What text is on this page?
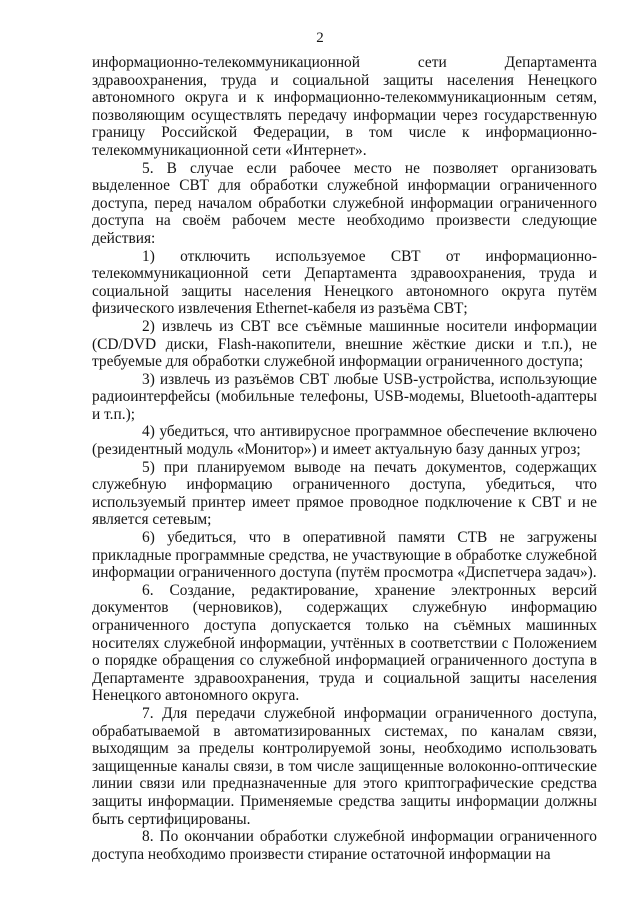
2

информационно-телекоммуникационной сети Департамента здравоохранения, труда и социальной защиты населения Ненецкого автономного округа и к информационно-телекоммуникационным сетям, позволяющим осуществлять передачу информации через государственную границу Российской Федерации, в том числе к информационно-телекоммуникационной сети «Интернет».

5. В случае если рабочее место не позволяет организовать выделенное СВТ для обработки служебной информации ограниченного доступа, перед началом обработки служебной информации ограниченного доступа на своём рабочем месте необходимо произвести следующие действия:

1) отключить используемое СВТ от информационно-телекоммуникационной сети Департамента здравоохранения, труда и социальной защиты населения Ненецкого автономного округа путём физического извлечения Ethernet-кабеля из разъёма СВТ;

2) извлечь из СВТ все съёмные машинные носители информации (CD/DVD диски, Flash-накопители, внешние жёсткие диски и т.п.), не требуемые для обработки служебной информации ограниченного доступа;

3) извлечь из разъёмов СВТ любые USB-устройства, использующие радиоинтерфейсы (мобильные телефоны, USB-модемы, Bluetooth-адаптеры и т.п.);

4) убедиться, что антивирусное программное обеспечение включено (резидентный модуль «Монитор») и имеет актуальную базу данных угроз;

5) при планируемом выводе на печать документов, содержащих служебную информацию ограниченного доступа, убедиться, что используемый принтер имеет прямое проводное подключение к СВТ и не является сетевым;

6) убедиться, что в оперативной памяти СТВ не загружены прикладные программные средства, не участвующие в обработке служебной информации ограниченного доступа (путём просмотра «Диспетчера задач»).

6. Создание, редактирование, хранение электронных версий документов (черновиков), содержащих служебную информацию ограниченного доступа допускается только на съёмных машинных носителях служебной информации, учтённых в соответствии с Положением о порядке обращения со служебной информацией ограниченного доступа в Департаменте здравоохранения, труда и социальной защиты населения Ненецкого автономного округа.

7. Для передачи служебной информации ограниченного доступа, обрабатываемой в автоматизированных системах, по каналам связи, выходящим за пределы контролируемой зоны, необходимо использовать защищенные каналы связи, в том числе защищенные волоконно-оптические линии связи или предназначенные для этого криптографические средства защиты информации. Применяемые средства защиты информации должны быть сертифицированы.

8. По окончании обработки служебной информации ограниченного доступа необходимо произвести стирание остаточной информации на
